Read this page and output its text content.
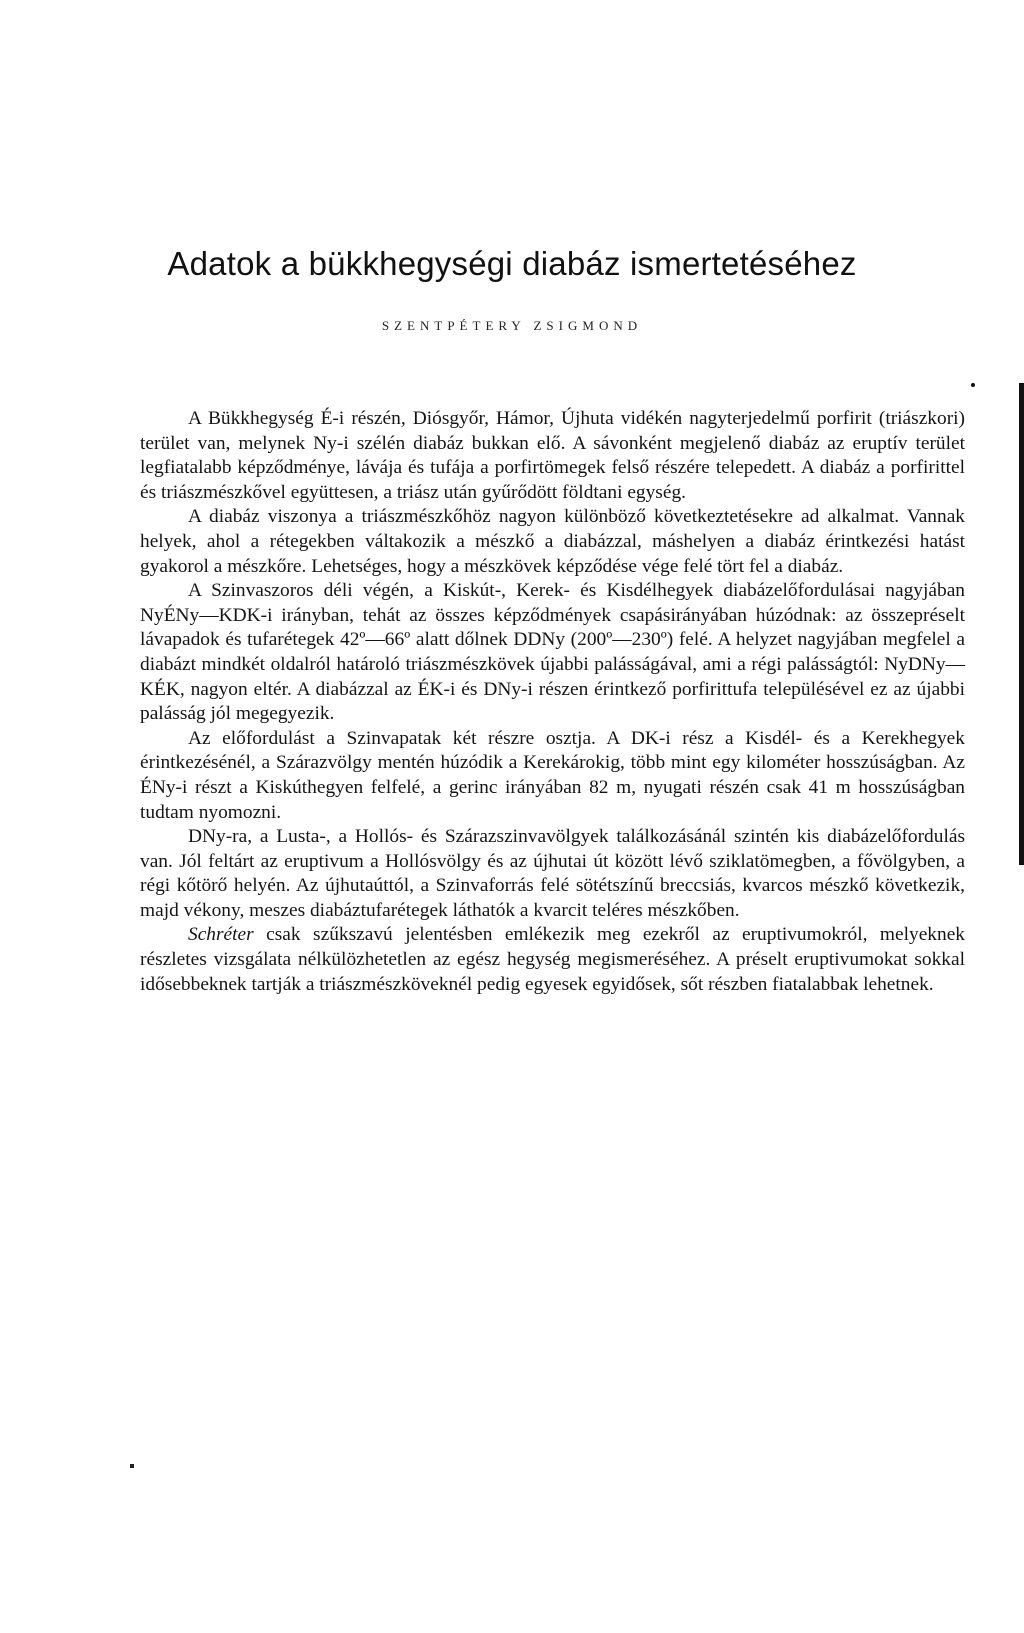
Adatok a bükkhegységi diabáz ismertetéséhez

SZENTPÉTERY ZSIGMOND

A Bükkhegység É-i részén, Diósgyőr, Hámor, Újhuta vidékén nagyterjedelmű porfirit (triászkori) terület van, melynek Ny-i szélén diabáz bukkan elő. A sávonként megjelenő diabáz az eruptív terület legfiatalabb képződménye, lávája és tufája a porfirtömegek felső részére telepedett. A diabáz a porfirittel és triászmészkővel együttesen, a triász után gyűrődött földtani egység.

A diabáz viszonya a triászmészkőhöz nagyon különböző következtetésekre ad alkalmat. Vannak helyek, ahol a rétegekben váltakozik a mészkő a diabázzal, máshelyen a diabáz érintkezési hatást gyakorol a mészkőre. Lehetséges, hogy a mészkövek képződése vége felé tört fel a diabáz.

A Szinvaszoros déli végén, a Kiskút-, Kerek- és Kisdélhegyek diabázelőfordulásai nagyjában NyÉNy—KDK-i irányban, tehát az összes képződmények csapásirányában húzódnak: az összepréselt lávapadok és tufarétegek 42º—66º alatt dőlnek DDNy (200º—230º) felé. A helyzet nagyjában megfelel a diabázt mindkét oldalról határoló triászmészkövek újabbi palásságával, ami a régi palásságtól: NyDNy—KÉK, nagyon eltér. A diabázzal az ÉK-i és DNy-i részen érintkező porfirittufa településével ez az újabbi palásság jól megegyezik.

Az előfordulást a Szinvapatak két részre osztja. A DK-i rész a Kisdél- és a Kerekhegyek érintkezésénél, a Szárazvölgy mentén húzódik a Kerekárokig, több mint egy kilométer hosszúságban. Az ÉNy-i részt a Kiskúthegyen felfelé, a gerinc irányában 82 m, nyugati részén csak 41 m hosszúságban tudtam nyomozni.

DNy-ra, a Lusta-, a Hollós- és Szárazszinvavölgyek találkozásánál szintén kis diabázelőfordulás van. Jól feltárt az eruptivum a Hollósvölgy és az újhutai út között lévő sziklatömegben, a fővölgyben, a régi kőtörő helyén. Az újhutaúttól, a Szinvaforrás felé sötétszínű breccsiás, kvarcos mészkő következik, majd vékony, meszes diabáztufarétegek láthatók a kvarcit teléres mészkőben.

Schréter csak szűkszavú jelentésben emlékezik meg ezekről az eruptivumokról, melyeknek részletes vizsgálata nélkülözhetetlen az egész hegység megismeréséhez. A préselt eruptivumokat sokkal idősebbeknek tartják a triászmészköveknél pedig egyesek egyidősek, sőt részben fiatalabbak lehetnek.
